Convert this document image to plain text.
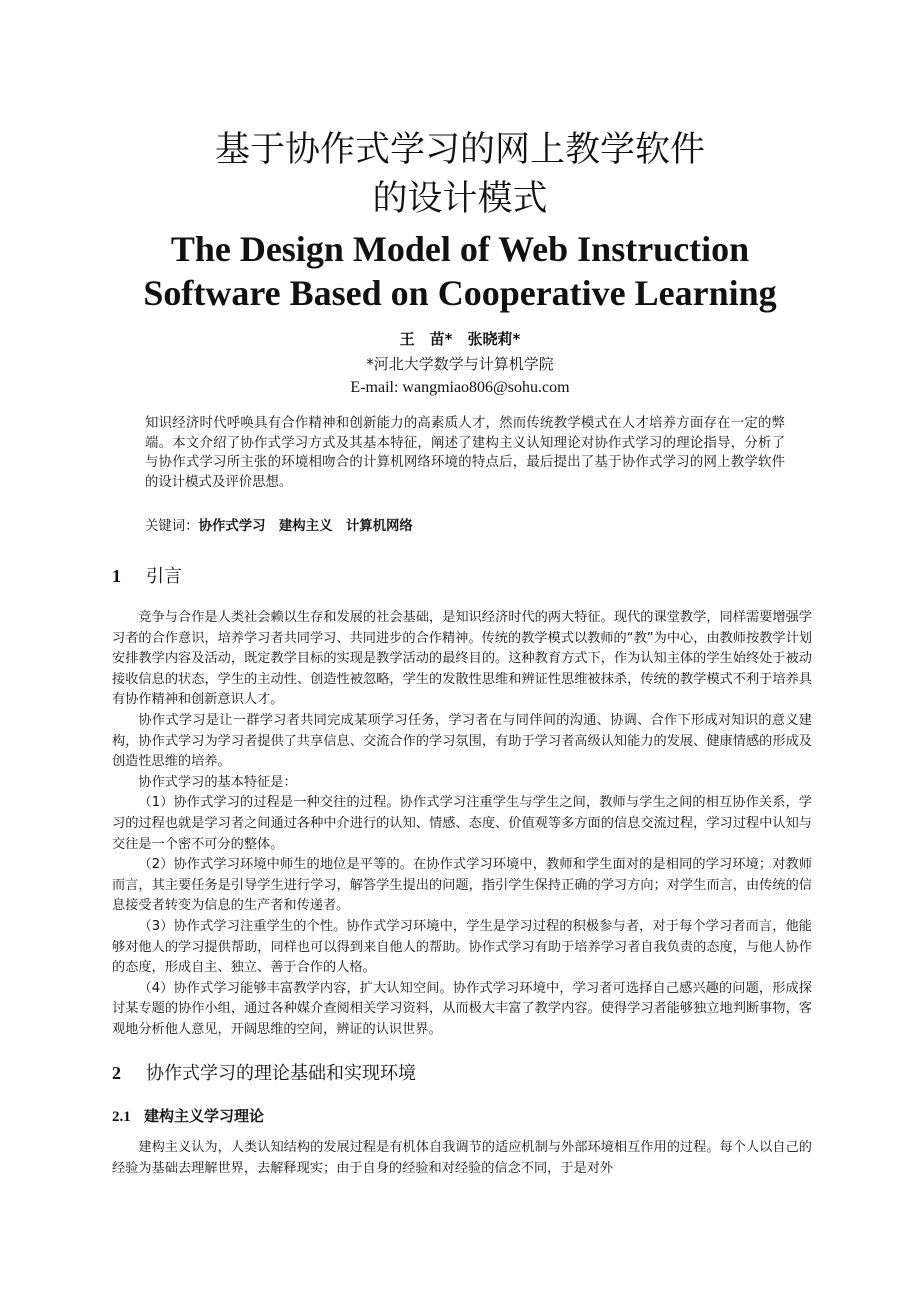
基于协作式学习的网上教学软件
的设计模式
The Design Model of Web Instruction
Software Based on Cooperative Learning
王　苗*　张晓莉*
*河北大学数学与计算机学院
E-mail: wangmiao806@sohu.com
知识经济时代呼唤具有合作精神和创新能力的高素质人才，然而传统教学模式在人才培养方面存在一定的弊端。本文介绍了协作式学习方式及其基本特征，阐述了建构主义认知理论对协作式学习的理论指导，分析了与协作式学习所主张的环境相吻合的计算机网络环境的特点后，最后提出了基于协作式学习的网上教学软件的设计模式及评价思想。
关键词：协作式学习　建构主义　计算机网络
1 引言

竞争与合作是人类社会赖以生存和发展的社会基础，是知识经济时代的两大特征。现代的课堂教学，同样需要增强学习者的合作意识，培养学习者共同学习、共同进步的合作精神。传统的教学模式以教师的“教”为中心，由教师按教学计划安排教学内容及活动，既定教学目标的实现是教学活动的最终目的。这种教育方式下，作为认知主体的学生始终处于被动接收信息的状态，学生的主动性、创造性被忽略，学生的发散性思维和辨证性思维被抹杀，传统的教学模式不利于培养具有协作精神和创新意识人才。

协作式学习是让一群学习者共同完成某项学习任务，学习者在与同伴间的沟通、协调、合作下形成对知识的意义建构，协作式学习为学习者提供了共享信息、交流合作的学习氛围，有助于学习者高级认知能力的发展、健康情感的形成及创造性思维的培养。

协作式学习的基本特征是：

（1）协作式学习的过程是一种交往的过程。协作式学习注重学生与学生之间，教师与学生之间的相互协作关系，学习的过程也就是学习者之间通过各种中介进行的认知、情感、态度、价值观等多方面的信息交流过程，学习过程中认知与交往是一个密不可分的整体。

（2）协作式学习环境中师生的地位是平等的。在协作式学习环境中，教师和学生面对的是相同的学习环境；对教师而言，其主要任务是引导学生进行学习，解答学生提出的问题，指引学生保持正确的学习方向；对学生而言，由传统的信息接受者转变为信息的生产者和传递者。

（3）协作式学习注重学生的个性。协作式学习环境中，学生是学习过程的积极参与者，对于每个学习者而言，他能够对他人的学习提供帮助，同样也可以得到来自他人的帮助。协作式学习有助于培养学习者自我负责的态度，与他人协作的态度，形成自主、独立、善于合作的人格。

（4）协作式学习能够丰富教学内容，扩大认知空间。协作式学习环境中，学习者可选择自己感兴趣的问题，形成探讨某专题的协作小组，通过各种媒介查阅相关学习资料，从而极大丰富了教学内容。使得学习者能够独立地判断事物，客观地分析他人意见，开阔思维的空间，辨证的认识世界。

2 协作式学习的理论基础和实现环境
2.1 建构主义学习理论

建构主义认为，人类认知结构的发展过程是有机体自我调节的适应机制与外部环境相互作用的过程。每个人以自己的经验为基础去理解世界，去解释现实；由于自身的经验和对经验的信念不同，于是对外
